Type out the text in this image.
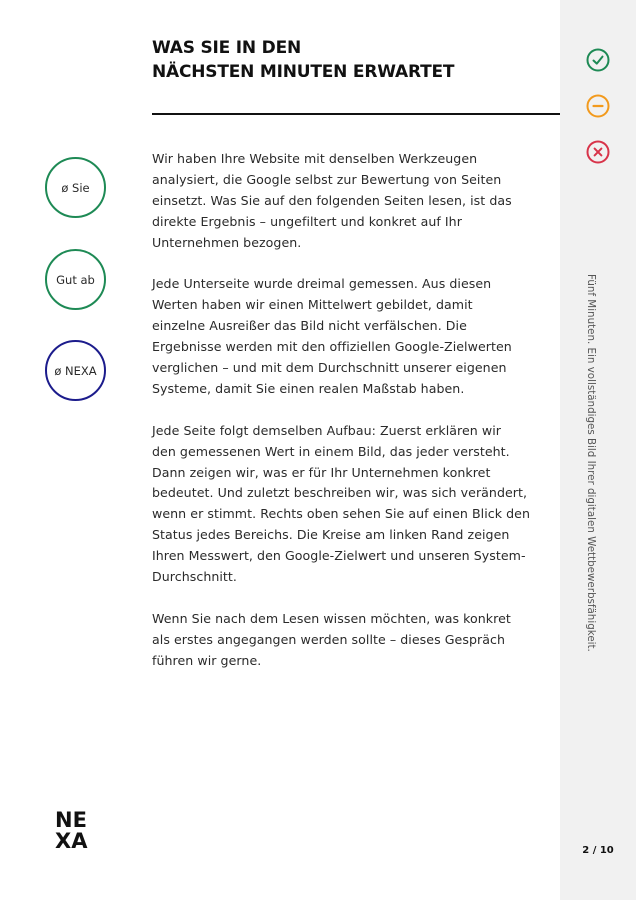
WAS SIE IN DEN
NÄCHSTEN MINUTEN ERWARTET
ø Sie
Gut ab
ø NEXA

Wir haben Ihre Website mit denselben Werkzeugen
analysiert, die Google selbst zur Bewertung von Seiten
einsetzt. Was Sie auf den folgenden Seiten lesen, ist das
direkte Ergebnis – ungefiltert und konkret auf Ihr
Unternehmen bezogen.

Jede Unterseite wurde dreimal gemessen. Aus diesen
Werten haben wir einen Mittelwert gebildet, damit
einzelne Ausreißer das Bild nicht verfälschen. Die
Ergebnisse werden mit den offiziellen Google-Zielwerten
verglichen – und mit dem Durchschnitt unserer eigenen
Systeme, damit Sie einen realen Maßstab haben.

Jede Seite folgt demselben Aufbau: Zuerst erklären wir
den gemessenen Wert in einem Bild, das jeder versteht.
Dann zeigen wir, was er für Ihr Unternehmen konkret
bedeutet. Und zuletzt beschreiben wir, was sich verändert,
wenn er stimmt. Rechts oben sehen Sie auf einen Blick den
Status jedes Bereichs. Die Kreise am linken Rand zeigen
Ihren Messwert, den Google-Zielwert und unseren System-
Durchschnitt.

Wenn Sie nach dem Lesen wissen möchten, was konkret
als erstes angegangen werden sollte – dieses Gespräch
führen wir gerne.

Fünf Minuten. Ein vollständiges Bild Ihrer digitalen Wettbewerbsfähigkeit.
NE
XA	2 / 10
